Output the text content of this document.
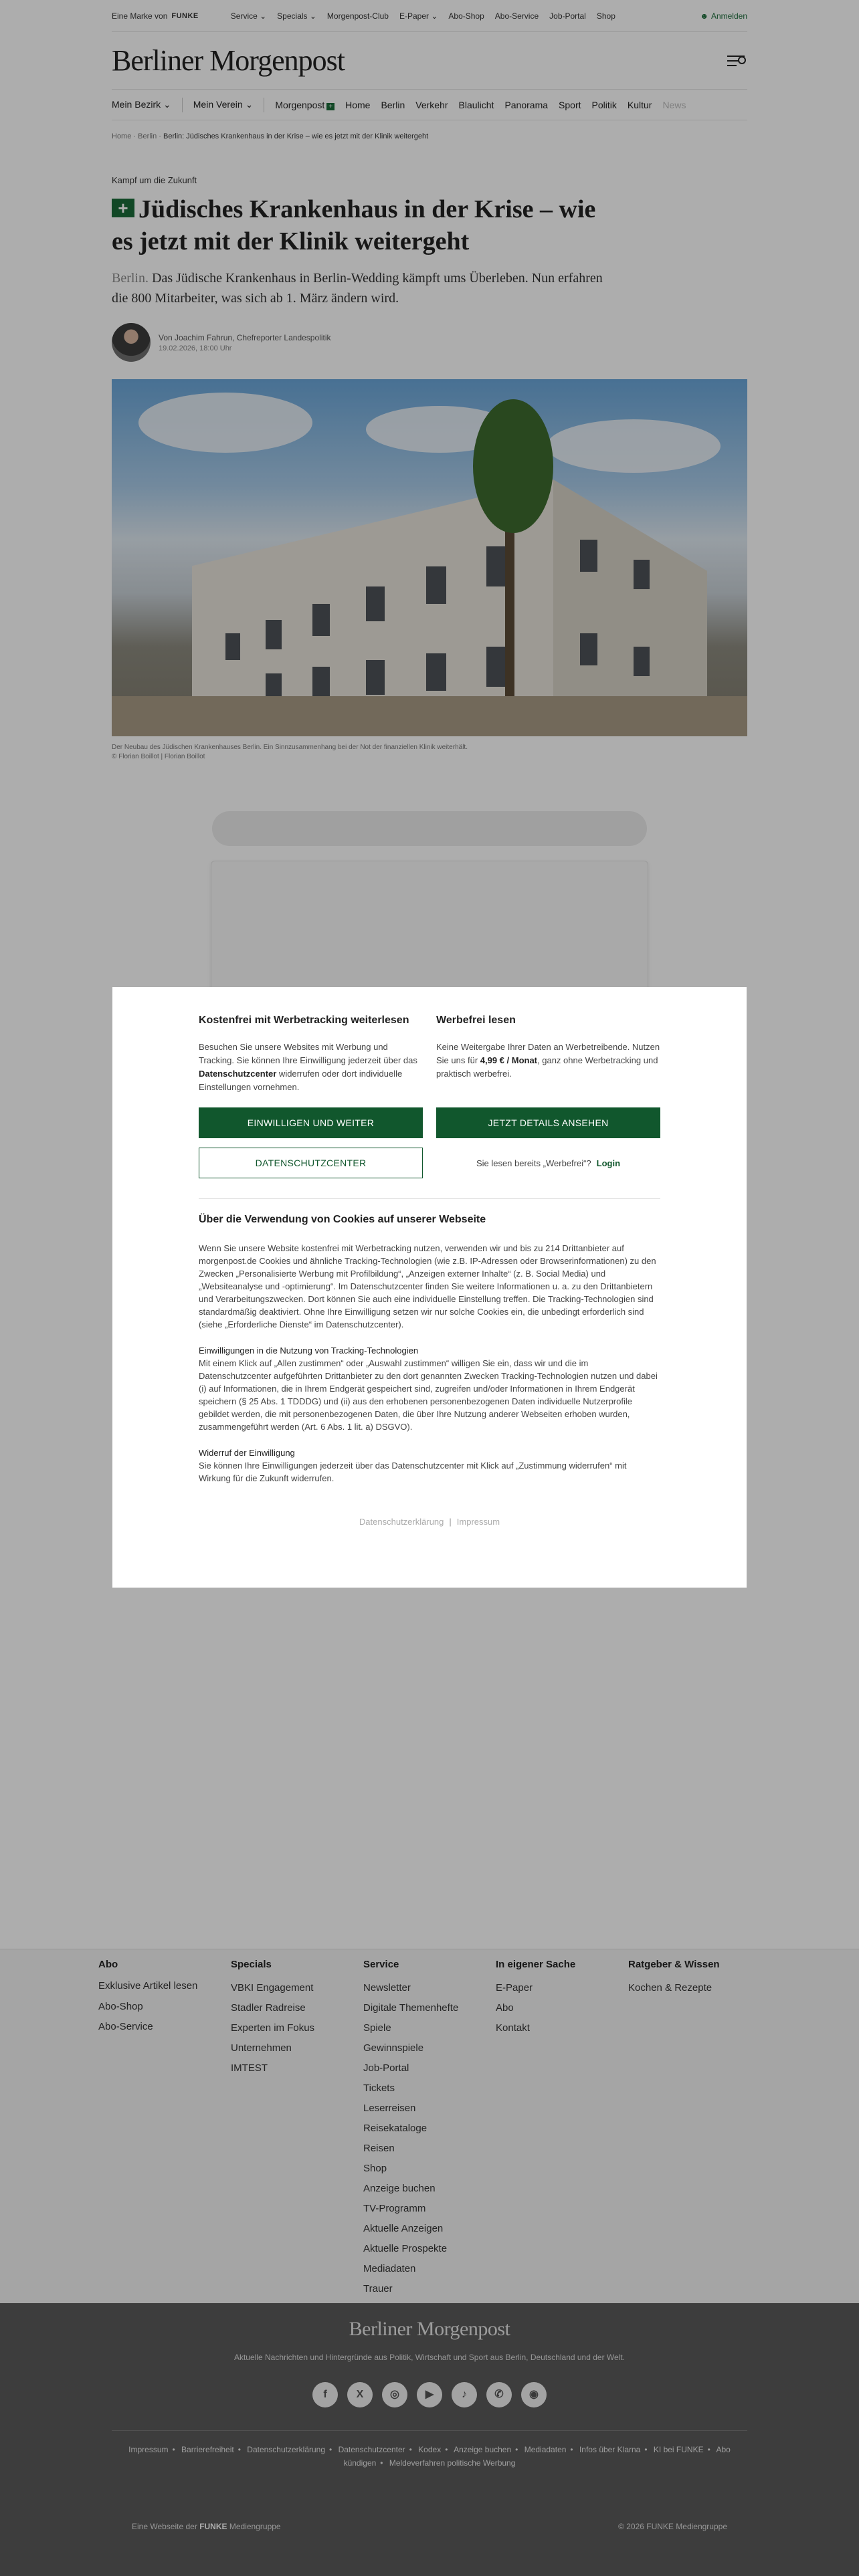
Eine Marke von FUNKE	Service ⌄ Specials ⌄ Morgenpost-Club E-Paper ⌄ Abo-Shop Abo-Service Job-Portal Shop	☻ Anmelden
Berliner Morgenpost
Mein Bezirk ⌄ Mein Verein ⌄ Morgenpost + Home Berlin Verkehr Blaulicht Panorama Sport Politik Kultur News
Home · Berlin · Berlin: Jüdisches Krankenhaus in der Krise – wie es jetzt mit der Klinik weitergeht
Kampf um die Zukunft
+ Jüdisches Krankenhaus in der Krise – wie es jetzt mit der Klinik weitergeht

Berlin. Das Jüdische Krankenhaus in Berlin-Wedding kämpft ums Überleben. Nun erfahren die 800 Mitarbeiter, was sich ab 1. März ändern wird.

Von Joachim Fahrun, Chefreporter Landespolitik
19.02.2026, 18:00 Uhr
Der Neubau des Jüdischen Krankenhauses Berlin. Ein Sinnzusammenhang bei der Not der finanziellen Klinik weiterhält.
© Florian Boillot | Florian Boillot
Abo
Exklusive Artikel lesen
Abo-Shop
Abo-Service
Specials
VBKI Engagement
Stadler Radreise
Experten im Fokus
Unternehmen
IMTEST
Service
Newsletter
Digitale Themenhefte
Spiele
Gewinnspiele
Job-Portal
Tickets
Leserreisen
Reisekataloge
Reisen
Shop
Anzeige buchen
TV-Programm
Aktuelle Anzeigen
Aktuelle Prospekte
Mediadaten
Trauer
In eigener Sache
E-Paper
Abo
Kontakt
Ratgeber & Wissen
Kochen & Rezepte
Berliner Morgenpost
Aktuelle Nachrichten und Hintergründe aus Politik, Wirtschaft und Sport aus Berlin, Deutschland und der Welt.
f	X	◎	▶	♪	✆	◉
Impressum • Barrierefreiheit • Datenschutzerklärung • Datenschutzcenter • Kodex • Anzeige buchen • Mediadaten • Infos über Klarna • KI bei FUNKE • Abo kündigen • Meldeverfahren politische Werbung
Eine Webseite der FUNKE Mediengruppe	© 2026 FUNKE Mediengruppe
Kostenfrei mit Werbetracking weiterlesen

Besuchen Sie unsere Websites mit Werbung und Tracking. Sie können Ihre Einwilligung jederzeit über das Datenschutzcenter widerrufen oder dort individuelle Einstellungen vornehmen.

Werbefrei lesen

Keine Weitergabe Ihrer Daten an Werbetreibende. Nutzen Sie uns für 4,99 € / Monat, ganz ohne Werbetracking und praktisch werbefrei.

EINWILLIGEN UND WEITER	JETZT DETAILS ANSEHEN
DATENSCHUTZCENTER	Sie lesen bereits „Werbefrei“? Login
Über die Verwendung von Cookies auf unserer Webseite
Wenn Sie unsere Website kostenfrei mit Werbetracking nutzen, verwenden wir und bis zu 214 Drittanbieter auf morgenpost.de Cookies und ähnliche Tracking-Technologien (wie z.B. IP-Adressen oder Browserinformationen) zu den Zwecken „Personalisierte Werbung mit Profilbildung“, „Anzeigen externer Inhalte“ (z. B. Social Media) und „Websiteanalyse und -optimierung“. Im Datenschutzcenter finden Sie weitere Informationen u. a. zu den Drittanbietern und Verarbeitungszwecken. Dort können Sie auch eine individuelle Einstellung treffen. Die Tracking-Technologien sind standardmäßig deaktiviert. Ohne Ihre Einwilligung setzen wir nur solche Cookies ein, die unbedingt erforderlich sind (siehe „Erforderliche Dienste“ im Datenschutzcenter).
Einwilligungen in die Nutzung von Tracking-Technologien
Mit einem Klick auf „Allen zustimmen“ oder „Auswahl zustimmen“ willigen Sie ein, dass wir und die im Datenschutzcenter aufgeführten Drittanbieter zu den dort genannten Zwecken Tracking-Technologien nutzen und dabei (i) auf Informationen, die in Ihrem Endgerät gespeichert sind, zugreifen und/oder Informationen in Ihrem Endgerät speichern (§ 25 Abs. 1 TDDDG) und (ii) aus den erhobenen personenbezogenen Daten individuelle Nutzerprofile gebildet werden, die mit personenbezogenen Daten, die über Ihre Nutzung anderer Webseiten erhoben wurden, zusammengeführt werden (Art. 6 Abs. 1 lit. a) DSGVO).
Widerruf der Einwilligung
Sie können Ihre Einwilligungen jederzeit über das Datenschutzcenter mit Klick auf „Zustimmung widerrufen“ mit Wirkung für die Zukunft widerrufen.
Datenschutzerklärung | Impressum
